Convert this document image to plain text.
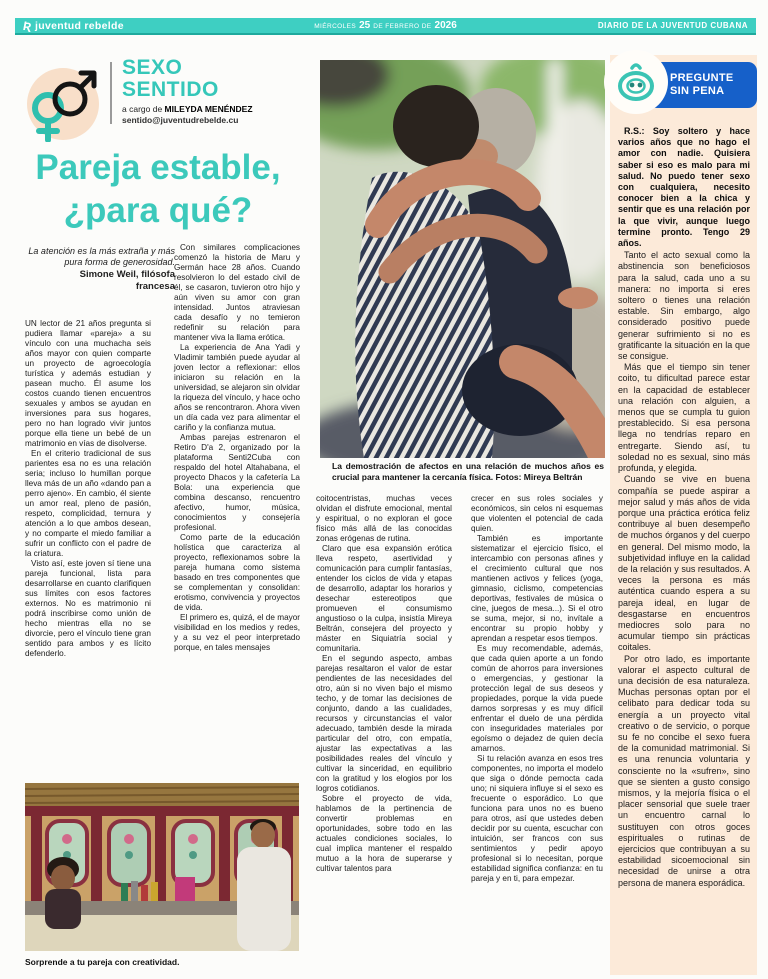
Ʀ juventud rebelde	MIÉRCOLES 25 DE FEBRERO DE 2026	DIARIO DE LA JUVENTUD CUBANA
SEXO
SENTIDO
a cargo de MILEYDA MENÉNDEZ
sentido@juventudrebelde.cu
Pareja estable,
¿para qué?
La atención es la más extraña y más pura forma de generosidad.
Simone Weil, filósofa
francesa

UN lector de 21 años pregunta si pudiera llamar «pareja» a su vínculo con una muchacha seis años mayor con quien comparte un proyecto de agroecología turística y además estudian y pasean mucho. Él asume los costos cuando tienen encuentros sexuales y ambos se ayudan en inversiones para sus hogares, pero no han logrado vivir juntos porque ella tiene un bebé de un matrimonio en vías de disolverse.

En el criterio tradicional de sus parientes esa no es una relación seria; incluso lo humillan porque lleva más de un año «dando pan a perro ajeno». En cambio, él siente un amor real, pleno de pasión, respeto, complicidad, ternura y atención a lo que ambos desean, y no comparte el miedo familiar a sufrir un conflicto con el padre de la criatura.

Visto así, este joven sí tiene una pareja funcional, lista para desarrollarse en cuanto clarifiquen sus límites con esos factores externos. No es matrimonio ni podrá inscribirse como unión de hecho mientras ella no se divorcie, pero el vínculo tiene gran sentido para ambos y es lícito defenderlo.

Con similares complicaciones comenzó la historia de Maru y Germán hace 28 años. Cuando resolvieron lo del estado civil de él, se casaron, tuvieron otro hijo y aún viven su amor con gran intensidad. Juntos atraviesan cada desafío y no temieron redefinir su relación para mantener viva la llama erótica.

La experiencia de Ana Yadi y Vladimir también puede ayudar al joven lector a reflexionar: ellos iniciaron su relación en la universidad, se alejaron sin olvidar la riqueza del vínculo, y hace ocho años se rencontraron. Ahora viven un día cada vez para alimentar el cariño y la confianza mutua.

Ambas parejas estrenaron el Retiro D'a 2, organizado por la plataforma Senti2Cuba con respaldo del hotel Altahabana, el proyecto Dhacos y la cafetería La Bola: una experiencia que combina descanso, rencuentro afectivo, humor, música, conocimientos y consejería profesional.

Como parte de la educación holística que caracteriza al proyecto, reflexionamos sobre la pareja humana como sistema basado en tres componentes que se complementan y consolidan: erotismo, convivencia y proyectos de vida.

El primero es, quizá, el de mayor visibilidad en los medios y redes, y a su vez el peor interpretado porque, en tales mensajes

coitocentristas, muchas veces olvidan el disfrute emocional, mental y espiritual, o no exploran el goce físico más allá de las conocidas zonas erógenas de rutina.

Claro que esa expansión erótica lleva respeto, asertividad y comunicación para cumplir fantasías, entender los ciclos de vida y etapas de desarrollo, adaptar los horarios y desechar estereotipos que promueven el consumismo angustioso o la culpa, insistía Mireya Beltrán, consejera del proyecto y máster en Siquiatría social y comunitaria.

En el segundo aspecto, ambas parejas resaltaron el valor de estar pendientes de las necesidades del otro, aún si no viven bajo el mismo techo, y de tomar las decisiones de conjunto, dando a las cualidades, recursos y circunstancias el valor adecuado, también desde la mirada particular del otro, con empatía, ajustar las expectativas a las posibilidades reales del vínculo y cultivar la sinceridad, en equilibrio con la gratitud y los elogios por los logros cotidianos.

Sobre el proyecto de vida, hablamos de la pertinencia de convertir problemas en oportunidades, sobre todo en las actuales condiciones sociales, lo cual implica mantener el respaldo mutuo a la hora de superarse y cultivar talentos para

crecer en sus roles sociales y económicos, sin celos ni esquemas que violenten el potencial de cada quien.

También es importante sistematizar el ejercicio físico, el intercambio con personas afines y el crecimiento cultural que nos mantienen activos y felices (yoga, gimnasio, ciclismo, competencias deportivas, festivales de música o cine, juegos de mesa...). Si el otro se suma, mejor, si no, invítale a encontrar su propio hobby y aprendan a respetar esos tiempos.

Es muy recomendable, además, que cada quien aporte a un fondo común de ahorros para inversiones o emergencias, y gestionar la protección legal de sus deseos y propiedades, porque la vida puede darnos sorpresas y es muy difícil enfrentar el duelo de una pérdida con inseguridades materiales por egoísmo o dejadez de quien decía amarnos.

Si tu relación avanza en esos tres componentes, no importa el modelo que siga o dónde pernocta cada uno; ni siquiera influye si el sexo es frecuente o esporádico. Lo que funciona para unos no es bueno para otros, así que ustedes deben decidir por su cuenta, escuchar con intuición, ser francos con sus sentimientos y pedir apoyo profesional si lo necesitan, porque estabilidad significa confianza: en tu pareja y en ti, para empezar.

La demostración de afectos en una relación de muchos años es crucial para mantener la cercanía física. Fotos: Mireya Beltrán
Sorprende a tu pareja con creatividad.
PREGUNTE
SIN PENA

R.S.: Soy soltero y hace varios años que no hago el amor con nadie. Quisiera saber si eso es malo para mi salud. No puedo tener sexo con cualquiera, necesito conocer bien a la chica y sentir que es una relación por la que vivir, aunque luego termine pronto. Tengo 29 años.

Tanto el acto sexual como la abstinencia son beneficiosos para la salud, cada uno a su manera: no importa si eres soltero o tienes una relación estable. Sin embargo, algo considerado positivo puede generar sufrimiento si no es gratificante la situación en la que se consigue.

Más que el tiempo sin tener coito, tu dificultad parece estar en la capacidad de establecer una relación con alguien, a menos que se cumpla tu guion prestablecido. Si esa persona llega no tendrías reparo en entregarte. Siendo así, tu soledad no es sexual, sino más profunda, y elegida.

Cuando se vive en buena compañía se puede aspirar a mejor salud y más años de vida porque una práctica erótica feliz contribuye al buen desempeño de muchos órganos y del cuerpo en general. Del mismo modo, la subjetividad influye en la calidad de la relación y sus resultados. A veces la persona es más auténtica cuando espera a su pareja ideal, en lugar de desgastarse en encuentros mediocres solo para no acumular tiempo sin prácticas coitales.

Por otro lado, es importante valorar el aspecto cultural de una decisión de esa naturaleza. Muchas personas optan por el celibato para dedicar toda su energía a un proyecto vital creativo o de servicio, o porque su fe no concibe el sexo fuera de la comunidad matrimonial. Si es una renuncia voluntaria y consciente no la «sufren», sino que se sienten a gusto consigo mismos, y la mejoría física o el placer sensorial que suele traer un encuentro carnal lo sustituyen con otros goces espirituales o rutinas de ejercicios que contribuyan a su estabilidad sicoemocional sin necesidad de unirse a otra persona de manera esporádica.
